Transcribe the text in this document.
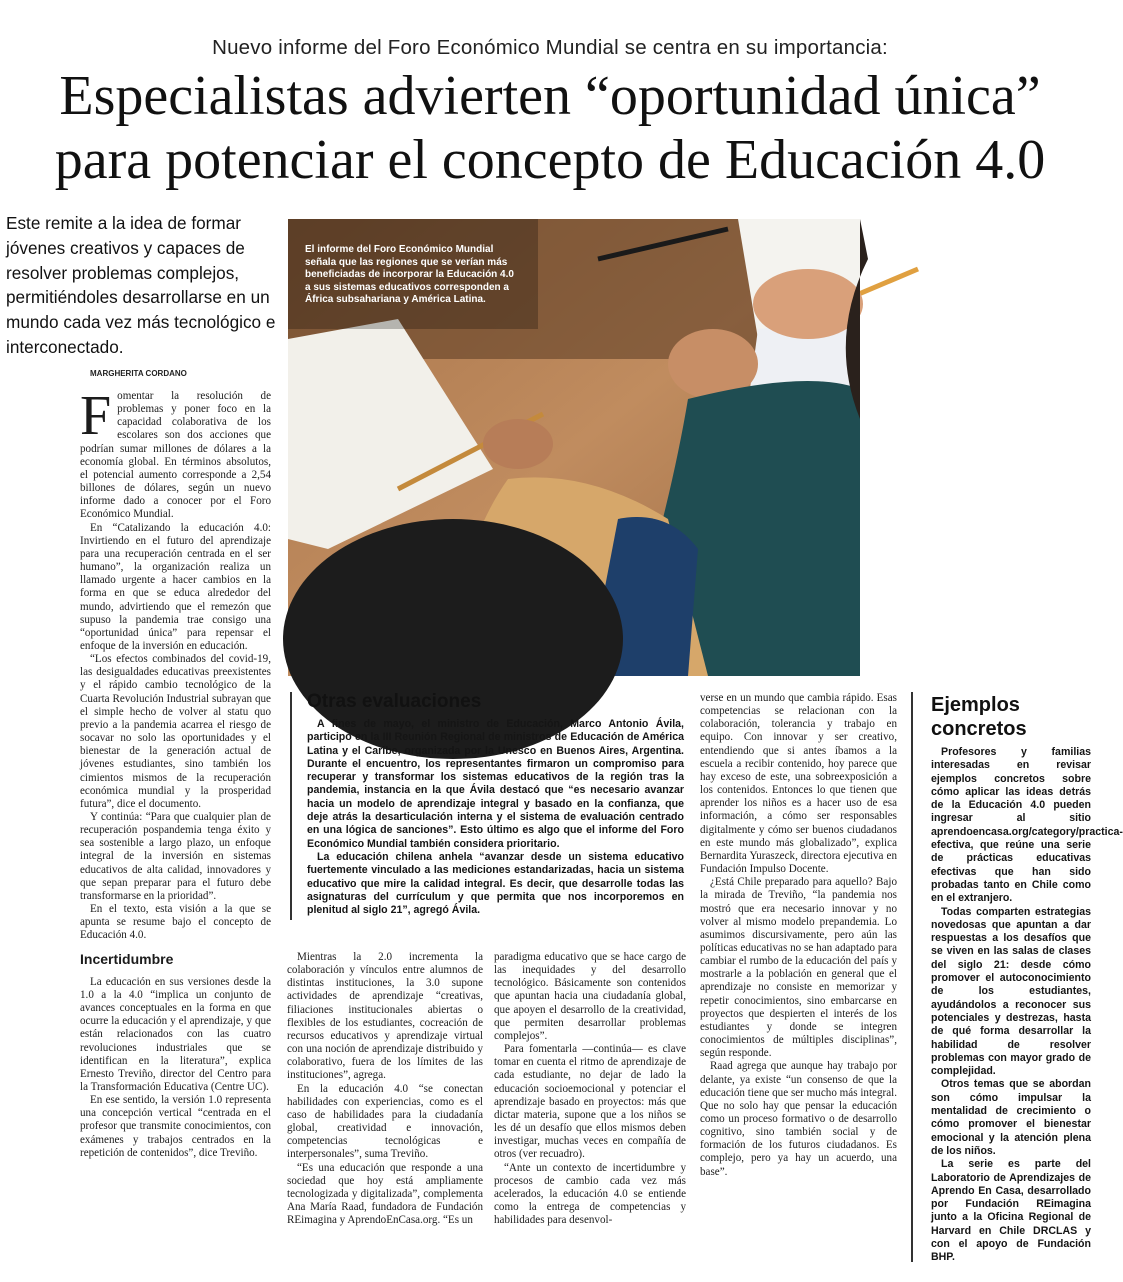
Nuevo informe del Foro Económico Mundial se centra en su importancia:
Especialistas advierten “oportunidad única”
para potenciar el concepto de Educación 4.0
Este remite a la idea de formar jóvenes creativos y capaces de resolver problemas complejos, permitiéndoles desarrollarse en un mundo cada vez más tecnológico e interconectado.
MARGHERITA CORDANO

Fomentar la resolución de problemas y poner foco en la capacidad colaborativa de los escolares son dos acciones que podrían sumar millones de dólares a la economía global. En términos absolutos, el potencial aumento corresponde a 2,54 billones de dólares, según un nuevo informe dado a conocer por el Foro Económico Mundial.

En “Catalizando la educación 4.0: Invirtiendo en el futuro del aprendizaje para una recuperación centrada en el ser humano”, la organización realiza un llamado urgente a hacer cambios en la forma en que se educa alrededor del mundo, advirtiendo que el remezón que supuso la pandemia trae consigo una “oportunidad única” para repensar el enfoque de la inversión en educación.

“Los efectos combinados del covid-19, las desigualdades educativas preexistentes y el rápido cambio tecnológico de la Cuarta Revolución Industrial subrayan que el simple hecho de volver al statu quo previo a la pandemia acarrea el riesgo de socavar no solo las oportunidades y el bienestar de la generación actual de jóvenes estudiantes, sino también los cimientos mismos de la recuperación económica mundial y la prosperidad futura”, dice el documento.

Y continúa: “Para que cualquier plan de recuperación pospandemia tenga éxito y sea sostenible a largo plazo, un enfoque integral de la inversión en sistemas educativos de alta calidad, innovadores y que sepan preparar para el futuro debe transformarse en la prioridad”.

En el texto, esta visión a la que se apunta se resume bajo el concepto de Educación 4.0.

Incertidumbre

La educación en sus versiones desde la 1.0 a la 4.0 “implica un conjunto de avances conceptuales en la forma en que ocurre la educación y el aprendizaje, y que están relacionados con las cuatro revoluciones industriales que se identifican en la literatura”, explica Ernesto Treviño, director del Centro para la Transformación Educativa (Centre UC).

En ese sentido, la versión 1.0 representa una concepción vertical “centrada en el profesor que transmite conocimientos, con exámenes y trabajos centrados en la repetición de contenidos”, dice Treviño.

El informe del Foro Económico Mundial señala que las regiones que se verían más beneficiadas de incorporar la Educación 4.0 a sus sistemas educativos corresponden a África subsahariana y América Latina.
Otras evaluaciones

A fines de mayo, el ministro de Educación, Marco Antonio Ávila, participó en la III Reunión Regional de ministros de Educación de América Latina y el Caribe, organizada por la Unesco en Buenos Aires, Argentina. Durante el encuentro, los representantes firmaron un compromiso para recuperar y transformar los sistemas educativos de la región tras la pandemia, instancia en la que Ávila destacó que “es necesario avanzar hacia un modelo de aprendizaje integral y basado en la confianza, que deje atrás la desarticulación interna y el sistema de evaluación centrado en una lógica de sanciones”. Esto último es algo que el informe del Foro Económico Mundial también considera prioritario.

La educación chilena anhela “avanzar desde un sistema educativo fuertemente vinculado a las mediciones estandarizadas, hacia un sistema educativo que mire la calidad integral. Es decir, que desarrolle todas las asignaturas del currículum y que permita que nos incorporemos en plenitud al siglo 21”, agregó Ávila.

Mientras la 2.0 incrementa la colaboración y vínculos entre alumnos de distintas instituciones, la 3.0 supone actividades de aprendizaje “creativas, filiaciones institucionales abiertas o flexibles de los estudiantes, cocreación de recursos educativos y aprendizaje virtual con una noción de aprendizaje distribuido y colaborativo, fuera de los límites de las instituciones”, agrega.

En la educación 4.0 “se conectan habilidades con experiencias, como es el caso de habilidades para la ciudadanía global, creatividad e innovación, competencias tecnológicas e interpersonales”, suma Treviño.

“Es una educación que responde a una sociedad que hoy está ampliamente tecnologizada y digitalizada”, complementa Ana María Raad, fundadora de Fundación REimagina y AprendoEnCasa.org. “Es un

paradigma educativo que se hace cargo de las inequidades y del desarrollo tecnológico. Básicamente son contenidos que apuntan hacia una ciudadanía global, que apoyen el desarrollo de la creatividad, que permiten desarrollar problemas complejos”.

Para fomentarla —continúa— es clave tomar en cuenta el ritmo de aprendizaje de cada estudiante, no dejar de lado la educación socioemocional y potenciar el aprendizaje basado en proyectos: más que dictar materia, supone que a los niños se les dé un desafío que ellos mismos deben investigar, muchas veces en compañía de otros (ver recuadro).

“Ante un contexto de incertidumbre y procesos de cambio cada vez más acelerados, la educación 4.0 se entiende como la entrega de competencias y habilidades para desenvol-

verse en un mundo que cambia rápido. Esas competencias se relacionan con la colaboración, tolerancia y trabajo en equipo. Con innovar y ser creativo, entendiendo que si antes íbamos a la escuela a recibir contenido, hoy parece que hay exceso de este, una sobreexposición a los contenidos. Entonces lo que tienen que aprender los niños es a hacer uso de esa información, a cómo ser responsables digitalmente y cómo ser buenos ciudadanos en este mundo más globalizado”, explica Bernardita Yuraszeck, directora ejecutiva en Fundación Impulso Docente.

¿Está Chile preparado para aquello? Bajo la mirada de Treviño, “la pandemia nos mostró que era necesario innovar y no volver al mismo modelo prepandemia. Lo asumimos discursivamente, pero aún las políticas educativas no se han adaptado para cambiar el rumbo de la educación del país y mostrarle a la población en general que el aprendizaje no consiste en memorizar y repetir conocimientos, sino embarcarse en proyectos que despierten el interés de los estudiantes y donde se integren conocimientos de múltiples disciplinas”, según responde.

Raad agrega que aunque hay trabajo por delante, ya existe “un consenso de que la educación tiene que ser mucho más integral. Que no solo hay que pensar la educación como un proceso formativo o de desarrollo cognitivo, sino también social y de formación de los futuros ciudadanos. Es complejo, pero ya hay un acuerdo, una base”.

Ejemplos
concretos

Profesores y familias interesadas en revisar ejemplos concretos sobre cómo aplicar las ideas detrás de la Educación 4.0 pueden ingresar al sitio aprendoencasa.org/category/practica-efectiva, que reúne una serie de prácticas educativas efectivas que han sido probadas tanto en Chile como en el extranjero.

Todas comparten estrategias novedosas que apuntan a dar respuestas a los desafíos que se viven en las salas de clases del siglo 21: desde cómo promover el autoconocimiento de los estudiantes, ayudándolos a reconocer sus potenciales y destrezas, hasta de qué forma desarrollar la habilidad de resolver problemas con mayor grado de complejidad.

Otros temas que se abordan son cómo impulsar la mentalidad de crecimiento o cómo promover el bienestar emocional y la atención plena de los niños.

La serie es parte del Laboratorio de Aprendizajes de Aprendo En Casa, desarrollado por Fundación REimagina junto a la Oficina Regional de Harvard en Chile DRCLAS y con el apoyo de Fundación BHP.
